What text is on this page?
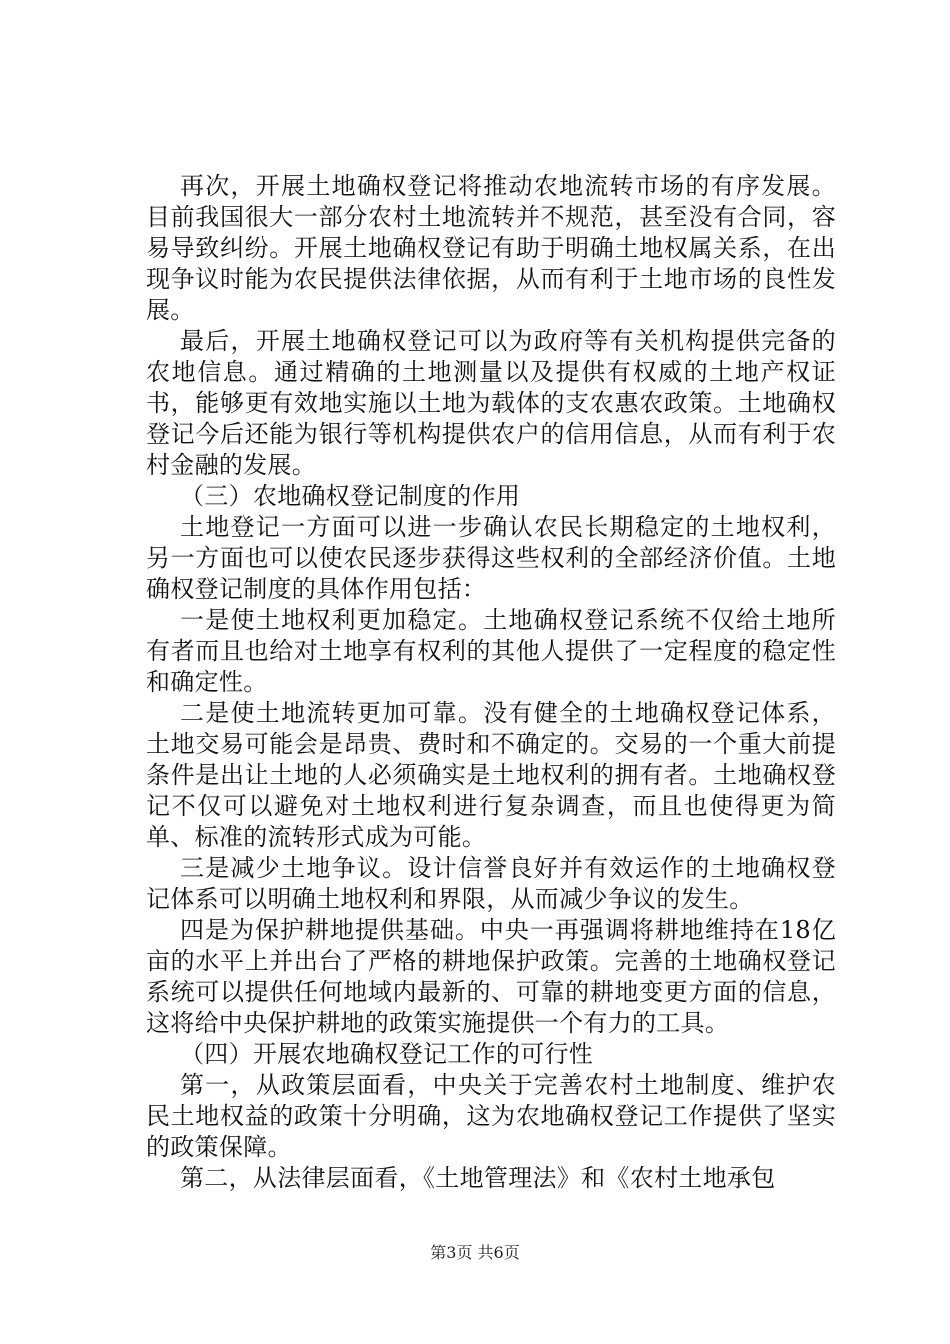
再次，开展土地确权登记将推动农地流转市场的有序发展。目前我国很大一部分农村土地流转并不规范，甚至没有合同，容易导致纠纷。开展土地确权登记有助于明确土地权属关系，在出现争议时能为农民提供法律依据，从而有利于土地市场的良性发展。

最后，开展土地确权登记可以为政府等有关机构提供完备的农地信息。通过精确的土地测量以及提供有权威的土地产权证书，能够更有效地实施以土地为载体的支农惠农政策。土地确权登记今后还能为银行等机构提供农户的信用信息，从而有利于农村金融的发展。

（三）农地确权登记制度的作用

土地登记一方面可以进一步确认农民长期稳定的土地权利，另一方面也可以使农民逐步获得这些权利的全部经济价值。土地确权登记制度的具体作用包括：

一是使土地权利更加稳定。土地确权登记系统不仅给土地所有者而且也给对土地享有权利的其他人提供了一定程度的稳定性和确定性。

二是使土地流转更加可靠。没有健全的土地确权登记体系，土地交易可能会是昂贵、费时和不确定的。交易的一个重大前提条件是出让土地的人必须确实是土地权利的拥有者。土地确权登记不仅可以避免对土地权利进行复杂调查，而且也使得更为简单、标准的流转形式成为可能。

三是减少土地争议。设计信誉良好并有效运作的土地确权登记体系可以明确土地权利和界限，从而减少争议的发生。

四是为保护耕地提供基础。中央一再强调将耕地维持在18亿亩的水平上并出台了严格的耕地保护政策。完善的土地确权登记系统可以提供任何地域内最新的、可靠的耕地变更方面的信息，这将给中央保护耕地的政策实施提供一个有力的工具。

（四）开展农地确权登记工作的可行性

第一，从政策层面看，中央关于完善农村土地制度、维护农民土地权益的政策十分明确，这为农地确权登记工作提供了坚实的政策保障。

第二，从法律层面看，《土地管理法》和《农村土地承包

第3页 共6页
